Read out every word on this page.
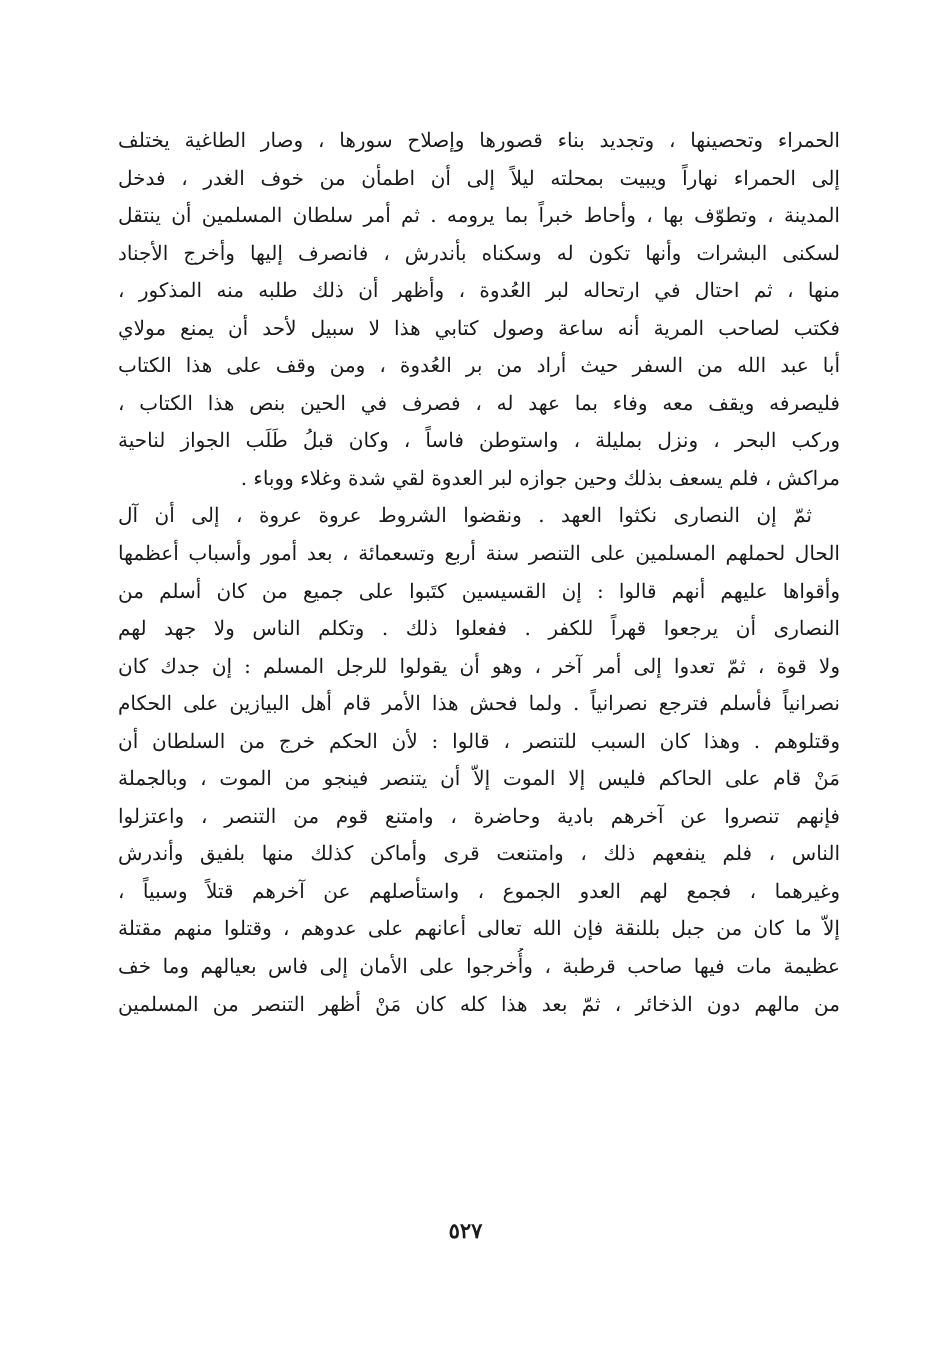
الحمراء وتحصينها ، وتجديد بناء قصورها وإصلاح سورها ، وصار الطاغية يختلف
إلى الحمراء نهاراً ويبيت بمحلته ليلاً إلى أن اطمأن من خوف الغدر ، فدخل
المدينة ، وتطوّف بها ، وأحاط خبراً بما يرومه . ثم أمر سلطان المسلمين أن ينتقل
لسكنى البشرات وأنها تكون له وسكناه بأندرش ، فانصرف إليها وأخرج الأجناد
منها ، ثم احتال في ارتحاله لبر العُدوة ، وأظهر أن ذلك طلبه منه المذكور ،
فكتب لصاحب المرية أنه ساعة وصول كتابي هذا لا سبيل لأحد أن يمنع مولاي
أبا عبد الله من السفر حيث أراد من بر العُدوة ، ومن وقف على هذا الكتاب
فليصرفه ويقف معه وفاء بما عهد له ، فصرف في الحين بنص هذا الكتاب ،
وركب البحر ، ونزل بمليلة ، واستوطن فاساً ، وكان قبلُ طَلَب الجواز لناحية
مراكش ، فلم يسعف بذلك وحين جوازه لبر العدوة لقي شدة وغلاء ووباء .
ثمّ إن النصارى نكثوا العهد . ونقضوا الشروط عروة عروة ، إلى أن آل
الحال لحملهم المسلمين على التنصر سنة أربع وتسعمائة ، بعد أمور وأسباب أعظمها
وأقواها عليهم أنهم قالوا : إن القسيسين كتَبوا على جميع من كان أسلم من
النصارى أن يرجعوا قهراً للكفر . ففعلوا ذلك . وتكلم الناس ولا جهد لهم
ولا قوة ، ثمّ تعدوا إلى أمر آخر ، وهو أن يقولوا للرجل المسلم : إن جدك كان
نصرانياً فأسلم فترجع نصرانياً . ولما فحش هذا الأمر قام أهل البيازين على الحكام
وقتلوهم . وهذا كان السبب للتنصر ، قالوا : لأن الحكم خرج من السلطان أن
مَنْ قام على الحاكم فليس إلا الموت إلاّ أن يتنصر فينجو من الموت ، وبالجملة
فإنهم تنصروا عن آخرهم بادية وحاضرة ، وامتنع قوم من التنصر ، واعتزلوا
الناس ، فلم ينفعهم ذلك ، وامتنعت قرى وأماكن كذلك منها بلفيق وأندرش
وغيرهما ، فجمع لهم العدو الجموع ، واستأصلهم عن آخرهم قتلاً وسبياً ،
إلاّ ما كان من جبل بللنقة فإن الله تعالى أعانهم على عدوهم ، وقتلوا منهم مقتلة
عظيمة مات فيها صاحب قرطبة ، وأُخرجوا على الأمان إلى فاس بعيالهم وما خف
من مالهم دون الذخائر ، ثمّ بعد هذا كله كان مَنْ أظهر التنصر من المسلمين
٥٢٧
